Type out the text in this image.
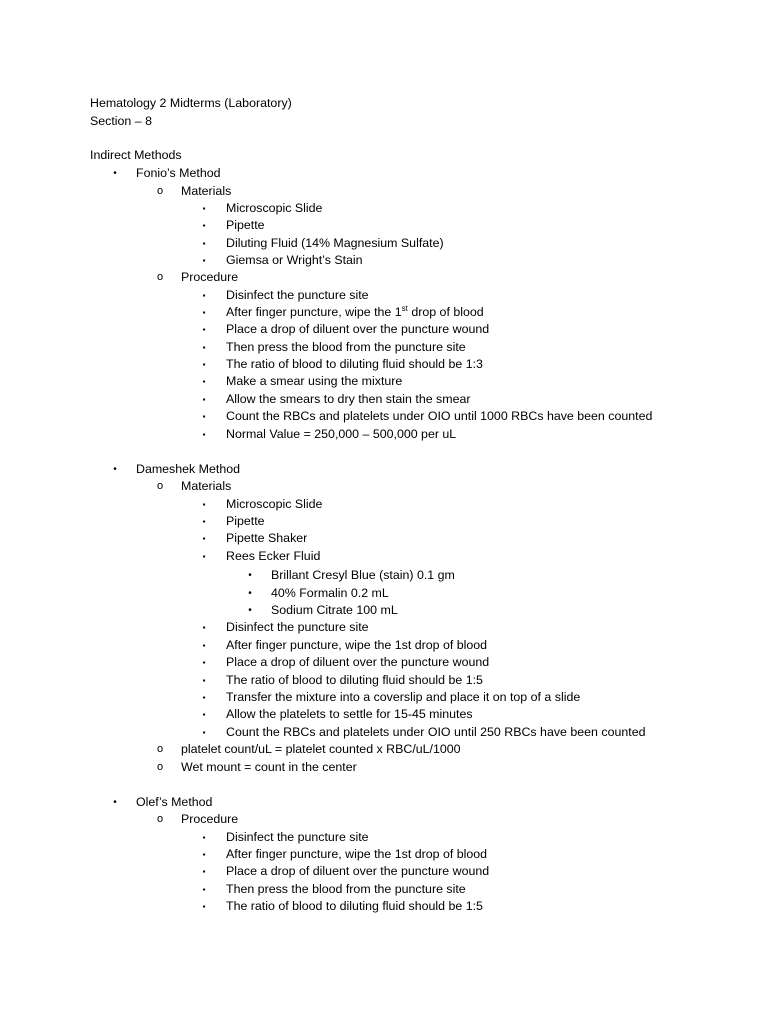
Hematology 2 Midterms (Laboratory)
Section – 8
Indirect Methods
•	Fonio’s Method
o Materials
▪	Microscopic Slide
▪	Pipette
▪	Diluting Fluid (14% Magnesium Sulfate)
▪	Giemsa or Wright’s Stain
o Procedure
▪	Disinfect the puncture site
▪	After finger puncture, wipe the 1st drop of blood
▪	Place a drop of diluent over the puncture wound
▪	Then press the blood from the puncture site
▪	The ratio of blood to diluting fluid should be 1:3
▪	Make a smear using the mixture
▪	Allow the smears to dry then stain the smear
▪	Count the RBCs and platelets under OIO until 1000 RBCs have been counted
▪	Normal Value = 250,000 – 500,000 per uL
•	Dameshek Method
o Materials
▪	Microscopic Slide
▪	Pipette
▪	Pipette Shaker
▪	Rees Ecker Fluid
•	Brillant Cresyl Blue (stain) 0.1 gm
•	40% Formalin 0.2 mL
•	Sodium Citrate 100 mL
▪	Disinfect the puncture site
▪	After finger puncture, wipe the 1st drop of blood
▪	Place a drop of diluent over the puncture wound
▪	The ratio of blood to diluting fluid should be 1:5
▪	Transfer the mixture into a coverslip and place it on top of a slide
▪	Allow the platelets to settle for 15-45 minutes
▪	Count the RBCs and platelets under OIO until 250 RBCs have been counted
o platelet count/uL = platelet counted x RBC/uL/1000
o Wet mount = count in the center
•	Olef’s Method
o Procedure
▪	Disinfect the puncture site
▪	After finger puncture, wipe the 1st drop of blood
▪	Place a drop of diluent over the puncture wound
▪	Then press the blood from the puncture site
▪	The ratio of blood to diluting fluid should be 1:5
